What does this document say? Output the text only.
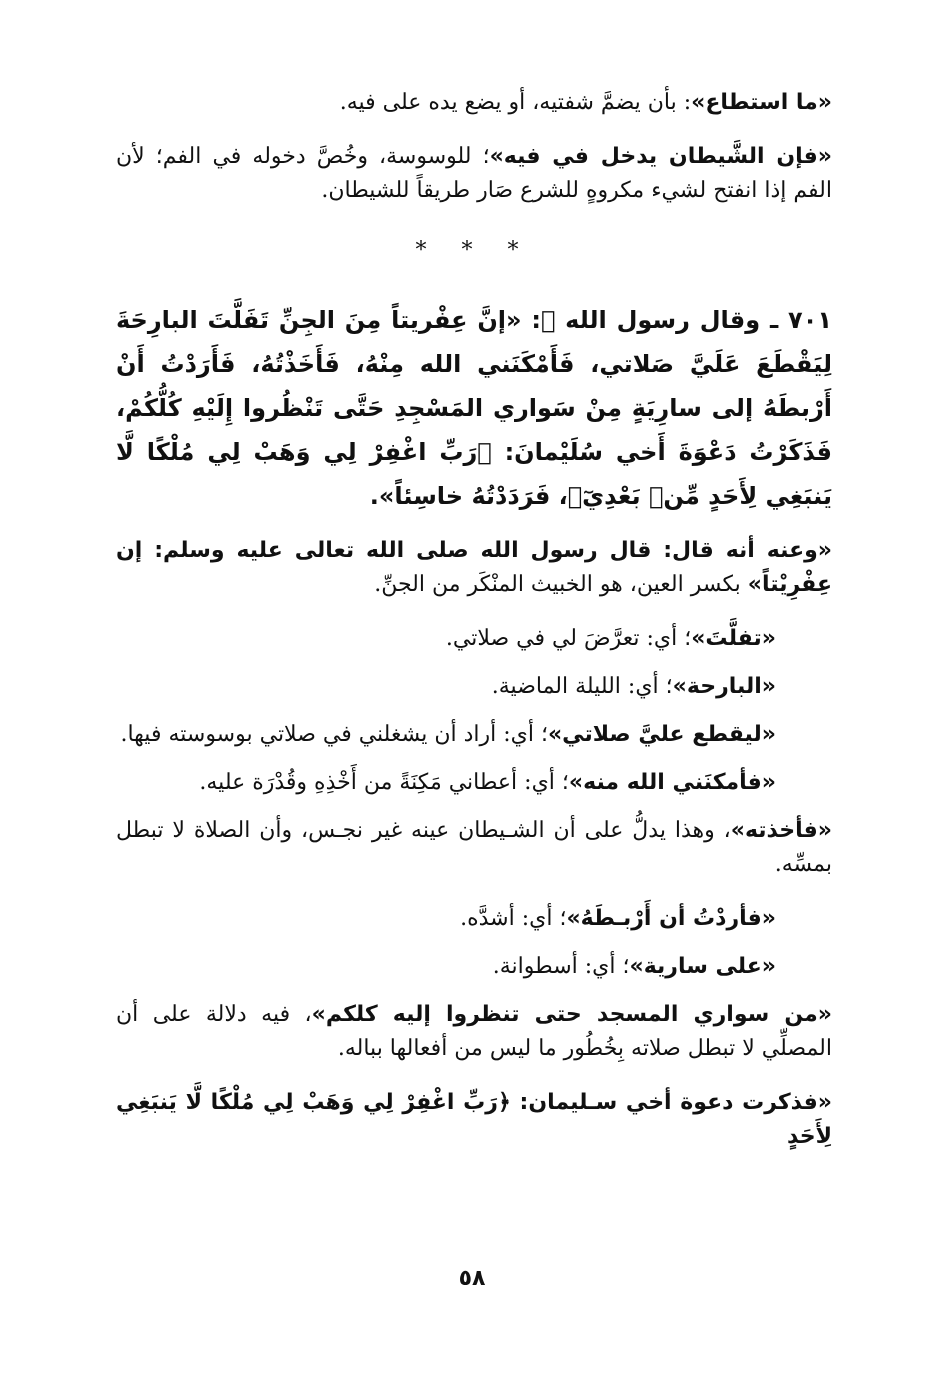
«ما استطاع»: بأن يضمَّ شفتيه، أو يضع يده على فيه.

«فإن الشَّيطان يدخل في فيه»؛ للوسوسة، وخُصَّ دخوله في الفم؛ لأن الفم إذا انفتح لشيء مكروهٍ للشرع صَار طريقاً للشيطان.

* * *

٧٠١ ـ وقال رسول الله ﷺ: «إنَّ عِفْريتاً مِنَ الجِنِّ تَفَلَّتَ البارِحَةَ لِيَقْطَعَ عَلَيَّ صَلاتي، فَأَمْكَنَني الله مِنْهُ، فَأَخَذْتُهُ، فَأَرَدْتُ أَنْ أَرْبطَهُ إلى سارِيَةٍ مِنْ سَواري المَسْجِدِ حَتَّى تَنْظُروا إِلَيْهِ كُلُّكُمْ، فَذَكَرْتُ دَعْوَةَ أَخي سُلَيْمانَ: ﴿رَبِّ اغْفِرْ لِي وَهَبْ لِي مُلْكًا لَّا يَنبَغِي لِأَحَدٍ مِّنۢ بَعْدِيٓ﴾، فَرَدَدْتُهُ خاسِئاً».

«وعنه أنه قال: قال رسول الله صلى الله تعالى عليه وسلم: إن عِفْرِيْتاً» بكسر العين، هو الخبيث المنْكَر من الجنِّ.

«تفلَّتَ»؛ أي: تعرَّضَ لي في صلاتي.

«البارحة»؛ أي: الليلة الماضية.

«ليقطع عليَّ صلاتي»؛ أي: أراد أن يشغلني في صلاتي بوسوسته فيها.

«فأمكنَني الله منه»؛ أي: أعطاني مَكِنَةً من أَخْذِهِ وقُدْرَة عليه.

«فأخذته»، وهذا يدلُّ على أن الشـيطان عينه غير نجـس، وأن الصلاة لا تبطل بمسِّه.

«فأردْتُ أن أَرْبـطَهُ»؛ أي: أشدَّه.

«على سارية»؛ أي: أسطوانة.

«من سواري المسجد حتى تنظروا إليه كلكم»، فيه دلالة على أن المصلِّي لا تبطل صلاته بِخُطُور ما ليس من أفعالها بباله.

«فذكرت دعوة أخي سـليمان: ﴿رَبِّ اغْفِرْ لِي وَهَبْ لِي مُلْكًا لَّا يَنبَغِي لِأَحَدٍ

٥٨
